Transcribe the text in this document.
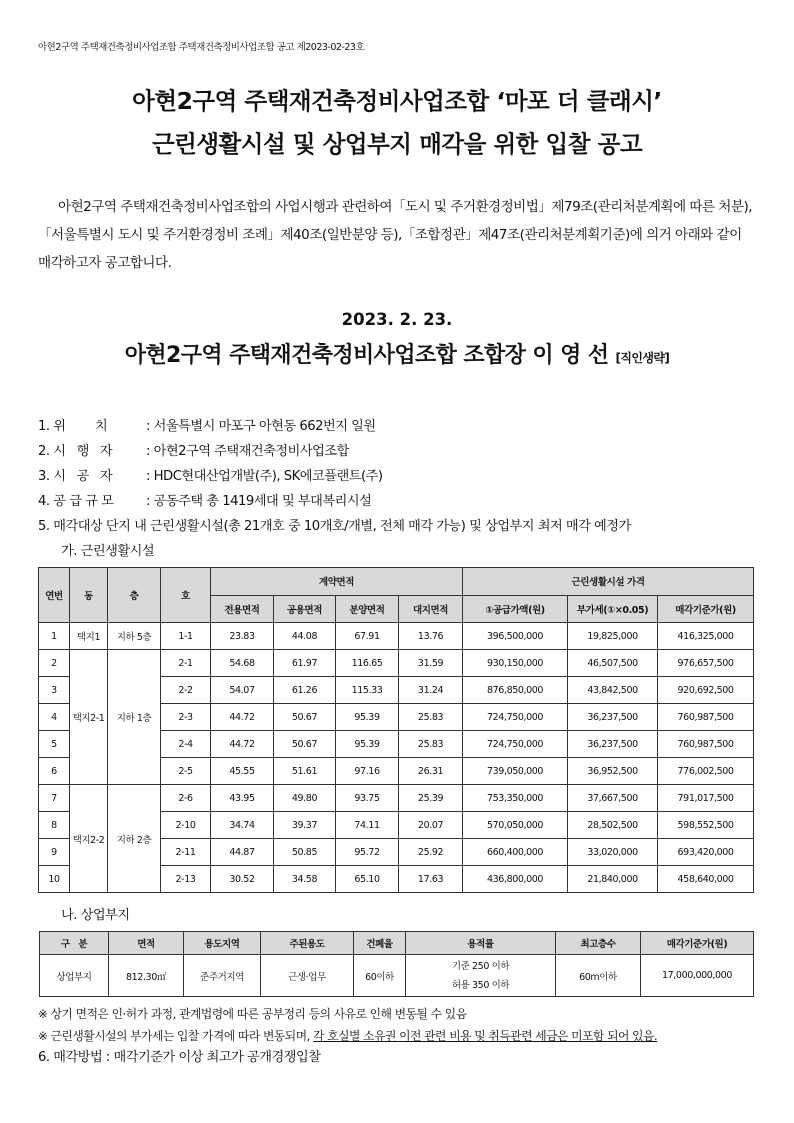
아현2구역 주택재건축정비사업조합 주택재건축정비사업조합 공고 제2023-02-23호
아현2구역 주택재건축정비사업조합 ‘마포 더 클래시’
근린생활시설 및 상업부지 매각을 위한 입찰 공고
아현2구역 주택재건축정비사업조합의 사업시행과 관련하여「도시 및 주거환경정비법」제79조(관리처분계획에 따른 처분),「서울특별시 도시 및 주거환경정비 조례」제40조(일반분양 등),「조합정관」제47조(관리처분계획기준)에 의거 아래와 같이 매각하고자 공고합니다.
2023. 2. 23.
아현2구역 주택재건축정비사업조합 조합장 이 영 선 [직인생략]
1. 위        치	: 서울특별시 마포구 아현동 662번지 일원
2. 시   행   자	: 아현2구역 주택재건축정비사업조합
3. 시   공   자	: HDC현대산업개발(주), SK에코플랜트(주)
4. 공 급 규 모 : 공동주택 총 1419세대 및 부대복리시설
5. 매각대상 단지 내 근린생활시설(총 21개호 중 10개호/개별, 전체 매각 가능) 및 상업부지 최저 매각 예정가
가. 근린생활시설
연번	동	층	호	계약면적				근린생활시설 가격		
				전용면적	공용면적	분양면적	대지면적	①공급가액(원)	부가세(①×0.05)	매각기준가(원)
1	택지1	지하 5층	1-1	23.83	44.08	67.91	13.76	396,500,000	19,825,000	416,325,000
2	택지2-1	지하 1층	2-1	54.68	61.97	116.65	31.59	930,150,000	46,507,500	976,657,500
3			2-2	54.07	61.26	115.33	31.24	876,850,000	43,842,500	920,692,500
4			2-3	44.72	50.67	95.39	25.83	724,750,000	36,237,500	760,987,500
5			2-4	44.72	50.67	95.39	25.83	724,750,000	36,237,500	760,987,500
6			2-5	45.55	51.61	97.16	26.31	739,050,000	36,952,500	776,002,500
7	택지2-2	지하 2층	2-6	43.95	49.80	93.75	25.39	753,350,000	37,667,500	791,017,500
8			2-10	34.74	39.37	74.11	20.07	570,050,000	28,502,500	598,552,500
9			2-11	44.87	50.85	95.72	25.92	660,400,000	33,020,000	693,420,000
10			2-13	30.52	34.58	65.10	17.63	436,800,000	21,840,000	458,640,000
나. 상업부지
구   분	면적	용도지역	주된용도	건폐율	용적률	최고층수	매각기준가(원)
상업부지	812.30㎡	준주거지역	근생·업무	60이하	기준 250 이하
허용 350 이하	60m이하	17,000,000,000
※ 상기 면적은 인·허가 과정, 관계법령에 따른 공부정리 등의 사유로 인해 변동될 수 있음
※ 근린생활시설의 부가세는 입찰 가격에 따라 변동되며, 각 호실별 소유권 이전 관련 비용 및 취득관련 세금은 미포함 되어 있음.
6. 매각방법 : 매각기준가 이상 최고가 공개경쟁입찰
